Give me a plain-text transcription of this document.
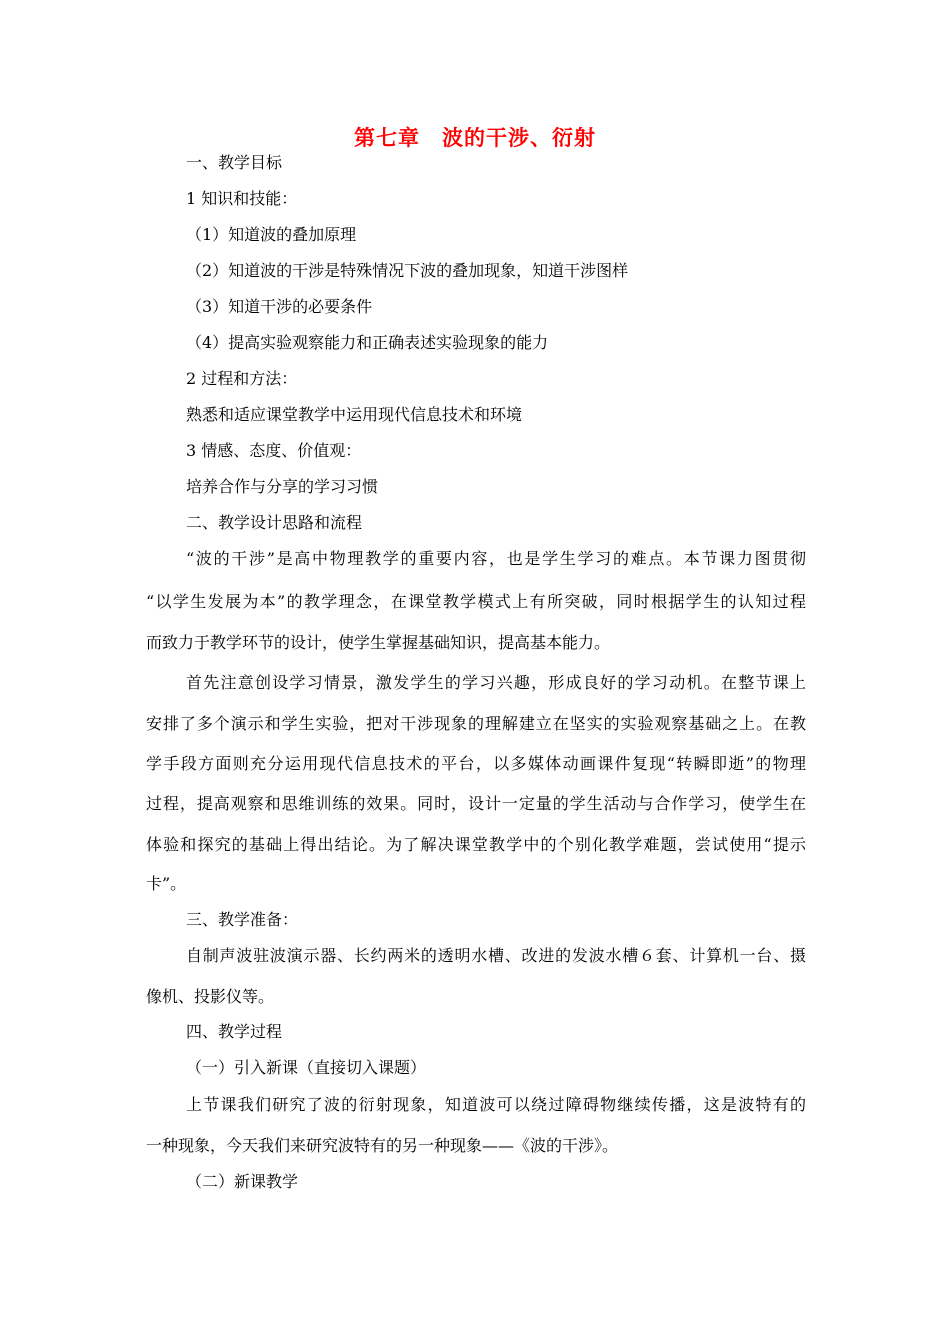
第七章　波的干涉、衍射
一、教学目标
1 知识和技能：
（1）知道波的叠加原理
（2）知道波的干涉是特殊情况下波的叠加现象，知道干涉图样
（3）知道干涉的必要条件
（4）提高实验观察能力和正确表述实验现象的能力
2 过程和方法：
熟悉和适应课堂教学中运用现代信息技术和环境
3 情感、态度、价值观：
培养合作与分享的学习习惯
二、教学设计思路和流程
“波的干涉”是高中物理教学的重要内容，也是学生学习的难点。本节课力图贯彻
“以学生发展为本”的教学理念，在课堂教学模式上有所突破，同时根据学生的认知过程
而致力于教学环节的设计，使学生掌握基础知识，提高基本能力。
首先注意创设学习情景，激发学生的学习兴趣，形成良好的学习动机。在整节课上
安排了多个演示和学生实验，把对干涉现象的理解建立在坚实的实验观察基础之上。在教
学手段方面则充分运用现代信息技术的平台，以多媒体动画课件复现“转瞬即逝”的物理
过程，提高观察和思维训练的效果。同时，设计一定量的学生活动与合作学习，使学生在
体验和探究的基础上得出结论。为了解决课堂教学中的个别化教学难题，尝试使用“提示
卡”。
三、教学准备：
自制声波驻波演示器、长约两米的透明水槽、改进的发波水槽６套、计算机一台、摄
像机、投影仪等。
四、教学过程
（一）引入新课（直接切入课题）
上节课我们研究了波的衍射现象，知道波可以绕过障碍物继续传播，这是波特有的
一种现象，今天我们来研究波特有的另一种现象——《波的干涉》。
（二）新课教学
